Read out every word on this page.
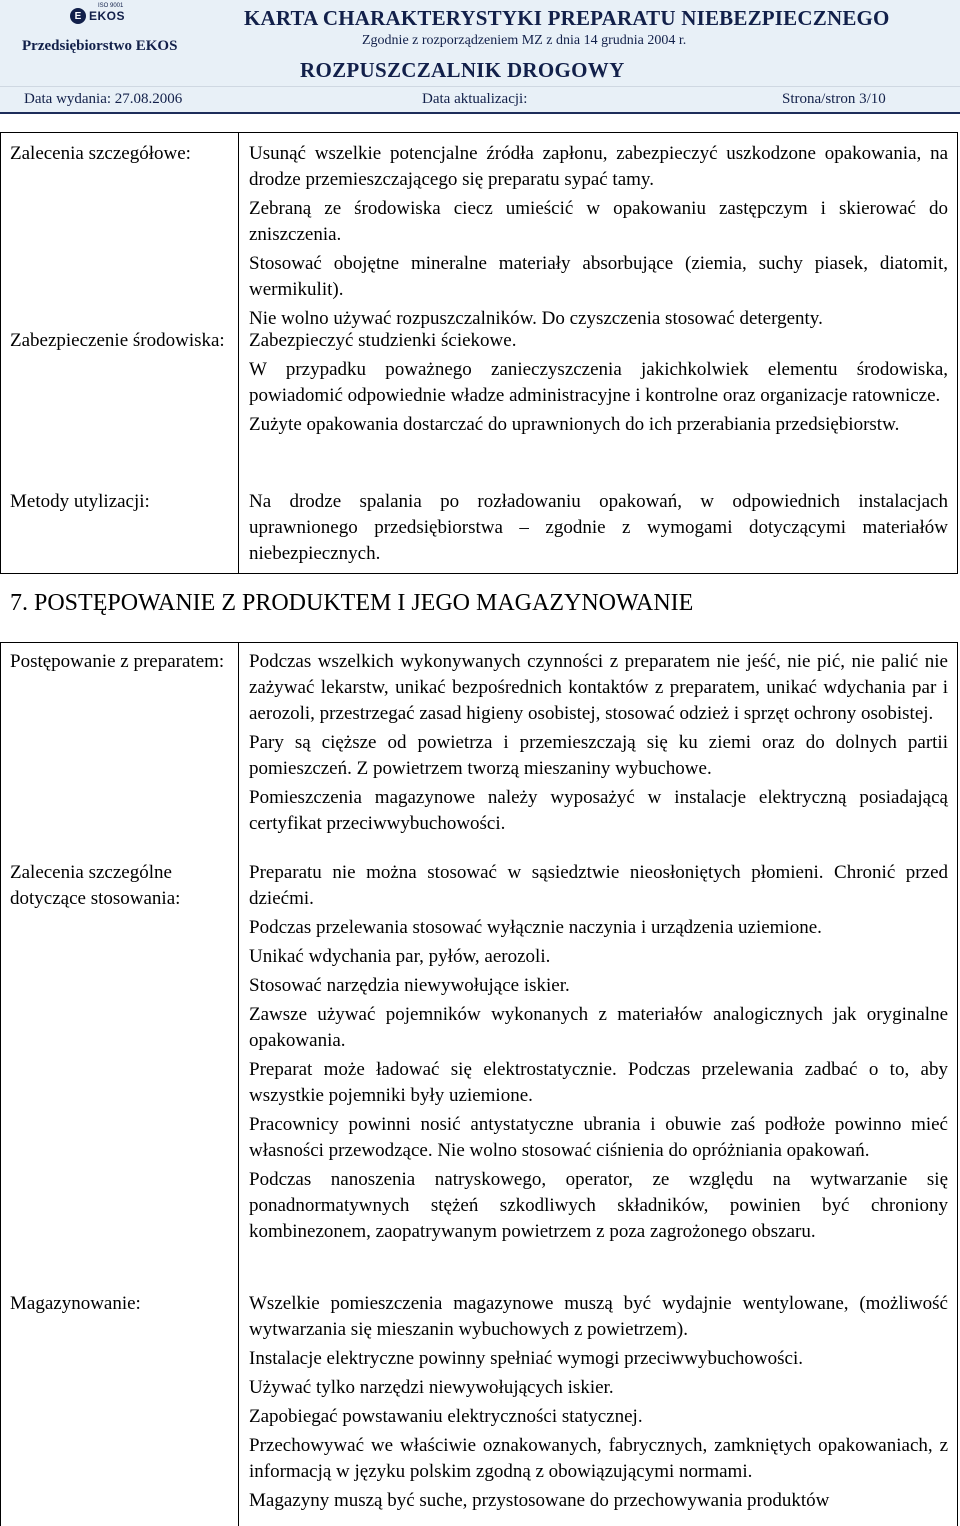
E EKOS
ISO 9001
Przedsiębiorstwo EKOS
KARTA CHARAKTERYSTYKI PREPARATU NIEBEZPIECZNEGO
Zgodnie z rozporządzeniem MZ z dnia 14 grudnia 2004 r.
ROZPUSZCZALNIK DROGOWY
Data wydania: 27.08.2006	Data aktualizacji:	Strona/stron 3/10
Zalecenia szczegółowe:	Usunąć wszelkie potencjalne źródła zapłonu, zabezpieczyć uszkodzone opakowania, na drodze przemieszczającego się preparatu sypać tamy.

Zebraną ze środowiska ciecz umieścić w opakowaniu zastępczym i skierować do zniszczenia.

Stosować obojętne mineralne materiały absorbujące (ziemia, suchy piasek, diatomit, wermikulit).

Nie wolno używać rozpuszczalników. Do czyszczenia stosować detergenty.

Zabezpieczenie środowiska:	Zabezpieczyć studzienki ściekowe.

W przypadku poważnego zanieczyszczenia jakichkolwiek elementu środowiska, powiadomić odpowiednie władze administracyjne i kontrolne oraz organizacje ratownicze.

Zużyte opakowania dostarczać do uprawnionych do ich przerabiania przedsiębiorstw.

Metody utylizacji:	Na drodze spalania po rozładowaniu opakowań, w odpowiednich instalacjach uprawnionego przedsiębiorstwa – zgodnie z wymogami dotyczącymi materiałów niebezpiecznych.

7. POSTĘPOWANIE Z PRODUKTEM I JEGO MAGAZYNOWANIE
Postępowanie z preparatem:	Podczas wszelkich wykonywanych czynności z preparatem nie jeść, nie pić, nie palić nie zażywać lekarstw, unikać bezpośrednich kontaktów z preparatem, unikać wdychania par i aerozoli, przestrzegać zasad higieny osobistej, stosować odzież i sprzęt ochrony osobistej.

Pary są cięższe od powietrza i przemieszczają się ku ziemi oraz do dolnych partii pomieszczeń. Z powietrzem tworzą mieszaniny wybuchowe.

Pomieszczenia magazynowe należy wyposażyć w instalacje elektryczną posiadającą certyfikat przeciwwybuchowości.

Zalecenia szczególne dotyczące stosowania:

Preparatu nie można stosować w sąsiedztwie nieosłoniętych płomieni. Chronić przed dziećmi.

Podczas przelewania stosować wyłącznie naczynia i urządzenia uziemione.

Unikać wdychania par, pyłów, aerozoli.

Stosować narzędzia niewywołujące iskier.

Zawsze używać pojemników wykonanych z materiałów analogicznych jak oryginalne opakowania.

Preparat może ładować się elektrostatycznie. Podczas przelewania zadbać o to, aby wszystkie pojemniki były uziemione.

Pracownicy powinni nosić antystatyczne ubrania i obuwie zaś podłoże powinno mieć własności przewodzące. Nie wolno stosować ciśnienia do opróżniania opakowań.

Podczas nanoszenia natryskowego, operator, ze względu na wytwarzanie się ponadnormatywnych stężeń szkodliwych składników, powinien być chroniony kombinezonem, zaopatrywanym powietrzem z poza zagrożonego obszaru.

Magazynowanie:	Wszelkie pomieszczenia magazynowe muszą być wydajnie wentylowane, (możliwość wytwarzania się mieszanin wybuchowych z powietrzem).

Instalacje elektryczne powinny spełniać wymogi przeciwwybuchowości.

Używać tylko narzędzi niewywołujących iskier.

Zapobiegać powstawaniu elektryczności statycznej.

Przechowywać we właściwie oznakowanych, fabrycznych, zamkniętych opakowaniach, z informacją w języku polskim zgodną z obowiązującymi normami.

Magazyny muszą być suche, przystosowane do przechowywania produktów
